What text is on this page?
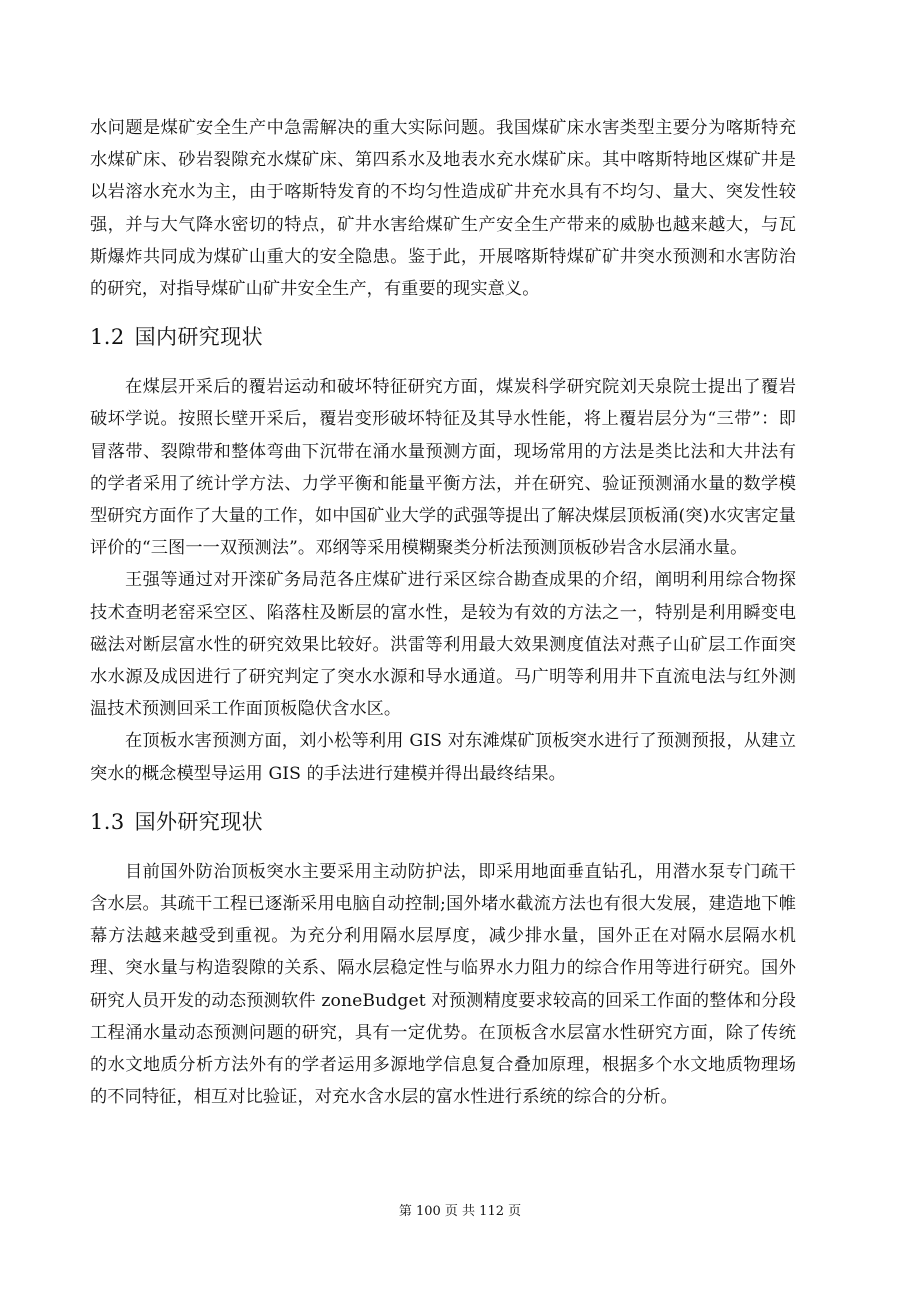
水问题是煤矿安全生产中急需解决的重大实际问题。我国煤矿床水害类型主要分为喀斯特充水煤矿床、砂岩裂隙充水煤矿床、第四系水及地表水充水煤矿床。其中喀斯特地区煤矿井是以岩溶水充水为主，由于喀斯特发育的不均匀性造成矿井充水具有不均匀、量大、突发性较强，并与大气降水密切的特点，矿井水害给煤矿生产安全生产带来的威胁也越来越大，与瓦斯爆炸共同成为煤矿山重大的安全隐患。鉴于此，开展喀斯特煤矿矿井突水预测和水害防治的研究，对指导煤矿山矿井安全生产，有重要的现实意义。

1.2 国内研究现状

在煤层开采后的覆岩运动和破坏特征研究方面，煤炭科学研究院刘天泉院士提出了覆岩破坏学说。按照长壁开采后，覆岩变形破坏特征及其导水性能，将上覆岩层分为“三带”：即冒落带、裂隙带和整体弯曲下沉带在涌水量预测方面，现场常用的方法是类比法和大井法有的学者采用了统计学方法、力学平衡和能量平衡方法，并在研究、验证预测涌水量的数学模型研究方面作了大量的工作，如中国矿业大学的武强等提出了解决煤层顶板涌(突)水灾害定量评价的“三图一一双预测法”。邓纲等采用模糊聚类分析法预测顶板砂岩含水层涌水量。

王强等通过对开滦矿务局范各庄煤矿进行采区综合勘查成果的介绍，阐明利用综合物探技术查明老窑采空区、陷落柱及断层的富水性，是较为有效的方法之一，特别是利用瞬变电磁法对断层富水性的研究效果比较好。洪雷等利用最大效果测度值法对燕子山矿层工作面突水水源及成因进行了研究判定了突水水源和导水通道。马广明等利用井下直流电法与红外测温技术预测回采工作面顶板隐伏含水区。

在顶板水害预测方面，刘小松等利用 GIS 对东滩煤矿顶板突水进行了预测预报，从建立突水的概念模型导运用 GIS 的手法进行建模并得出最终结果。

1.3 国外研究现状

目前国外防治顶板突水主要采用主动防护法，即采用地面垂直钻孔，用潜水泵专门疏干含水层。其疏干工程已逐渐采用电脑自动控制;国外堵水截流方法也有很大发展，建造地下帷幕方法越来越受到重视。为充分利用隔水层厚度，减少排水量，国外正在对隔水层隔水机理、突水量与构造裂隙的关系、隔水层稳定性与临界水力阻力的综合作用等进行研究。国外研究人员开发的动态预测软件 zoneBudget 对预测精度要求较高的回采工作面的整体和分段工程涌水量动态预测问题的研究，具有一定优势。在顶板含水层富水性研究方面，除了传统的水文地质分析方法外有的学者运用多源地学信息复合叠加原理，根据多个水文地质物理场的不同特征，相互对比验证，对充水含水层的富水性进行系统的综合的分析。

第 100 页 共 112 页
